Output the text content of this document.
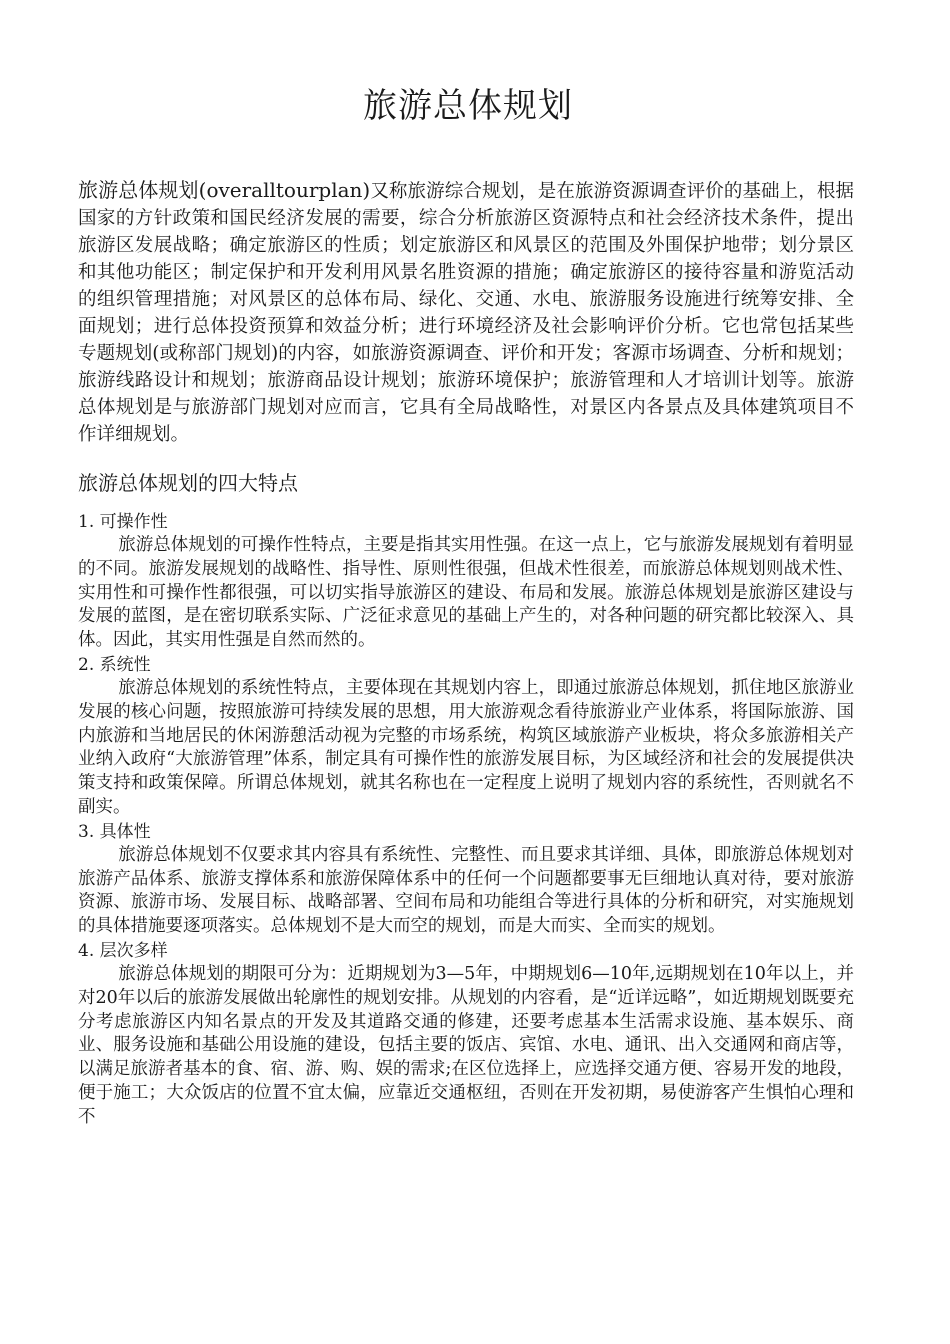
旅游总体规划

旅游总体规划(overalltourplan)又称旅游综合规划，是在旅游资源调查评价的基础上，根据国家的方针政策和国民经济发展的需要，综合分析旅游区资源特点和社会经济技术条件，提出旅游区发展战略；确定旅游区的性质；划定旅游区和风景区的范围及外围保护地带；划分景区和其他功能区；制定保护和开发利用风景名胜资源的措施；确定旅游区的接待容量和游览活动的组织管理措施；对风景区的总体布局、绿化、交通、水电、旅游服务设施进行统筹安排、全面规划；进行总体投资预算和效益分析；进行环境经济及社会影响评价分析。它也常包括某些专题规划(或称部门规划)的内容，如旅游资源调查、评价和开发；客源市场调查、分析和规划；旅游线路设计和规划；旅游商品设计规划；旅游环境保护；旅游管理和人才培训计划等。旅游总体规划是与旅游部门规划对应而言，它具有全局战略性，对景区内各景点及具体建筑项目不作详细规划。

旅游总体规划的四大特点

1. 可操作性

旅游总体规划的可操作性特点，主要是指其实用性强。在这一点上，它与旅游发展规划有着明显的不同。旅游发展规划的战略性、指导性、原则性很强，但战术性很差，而旅游总体规划则战术性、实用性和可操作性都很强，可以切实指导旅游区的建设、布局和发展。旅游总体规划是旅游区建设与发展的蓝图，是在密切联系实际、广泛征求意见的基础上产生的，对各种问题的研究都比较深入、具体。因此，其实用性强是自然而然的。

2. 系统性

旅游总体规划的系统性特点，主要体现在其规划内容上，即通过旅游总体规划，抓住地区旅游业发展的核心问题，按照旅游可持续发展的思想，用大旅游观念看待旅游业产业体系，将国际旅游、国内旅游和当地居民的休闲游憩活动视为完整的市场系统，构筑区域旅游产业板块，将众多旅游相关产业纳入政府“大旅游管理”体系，制定具有可操作性的旅游发展目标，为区域经济和社会的发展提供决策支持和政策保障。所谓总体规划，就其名称也在一定程度上说明了规划内容的系统性，否则就名不副实。

3. 具体性

旅游总体规划不仅要求其内容具有系统性、完整性、而且要求其详细、具体，即旅游总体规划对旅游产品体系、旅游支撑体系和旅游保障体系中的任何一个问题都要事无巨细地认真对待，要对旅游资源、旅游市场、发展目标、战略部署、空间布局和功能组合等进行具体的分析和研究，对实施规划的具体措施要逐项落实。总体规划不是大而空的规划，而是大而实、全而实的规划。

4. 层次多样

旅游总体规划的期限可分为：近期规划为3—5年，中期规划6—10年,远期规划在10年以上，并对20年以后的旅游发展做出轮廓性的规划安排。从规划的内容看，是“近详远略”，如近期规划既要充分考虑旅游区内知名景点的开发及其道路交通的修建，还要考虑基本生活需求设施、基本娱乐、商业、服务设施和基础公用设施的建设，包括主要的饭店、宾馆、水电、通讯、出入交通网和商店等，以满足旅游者基本的食、宿、游、购、娱的需求;在区位选择上，应选择交通方便、容易开发的地段，便于施工；大众饭店的位置不宜太偏，应靠近交通枢纽，否则在开发初期，易使游客产生惧怕心理和不
